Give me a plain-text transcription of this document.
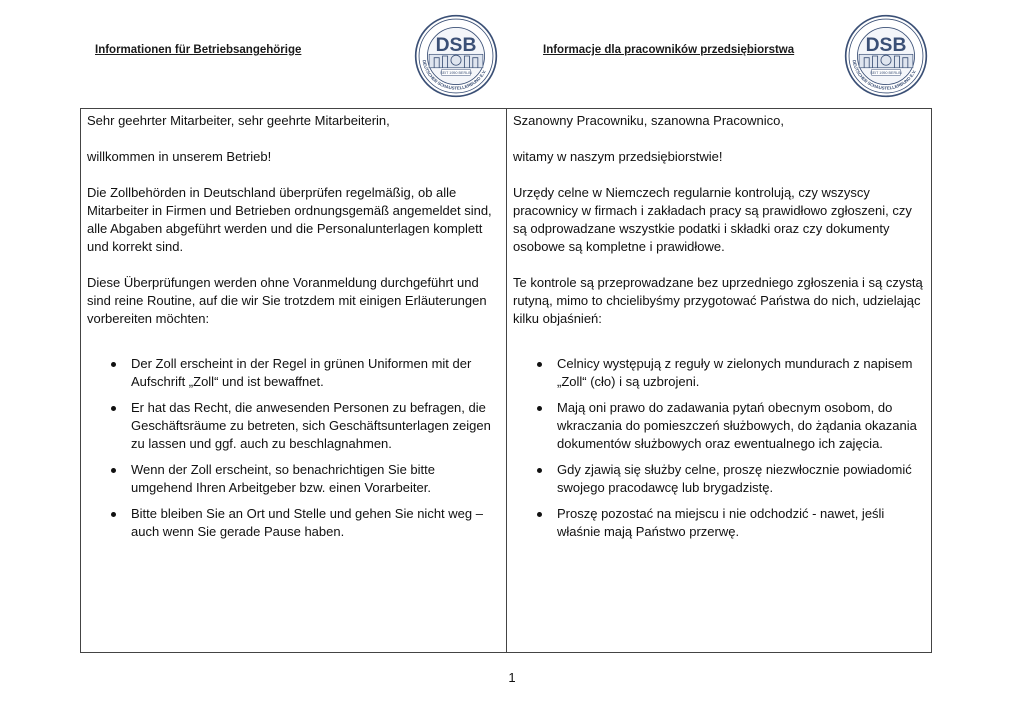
Informationen für Betriebsangehörige	Informacje dla pracowników przedsiębiorstwa
DEUTSCHER SCHAUSTELLERBUND E.V.
DSB
SEIT 1950 BERLIN
DEUTSCHER SCHAUSTELLERBUND E.V.
DSB
SEIT 1950 BERLIN

Sehr geehrter Mitarbeiter, sehr geehrte Mitarbeiterin,

willkommen in unserem Betrieb!

Die Zollbehörden in Deutschland überprüfen regelmäßig, ob alle Mitarbeiter in Firmen und Betrieben ordnungsgemäß angemeldet sind, alle Abgaben abgeführt werden und die Personalunterlagen komplett und korrekt sind.

Diese Überprüfungen werden ohne Voranmeldung durchgeführt und sind reine Routine, auf die wir Sie trotzdem mit einigen Erläuterungen vorbereiten möchten:

Der Zoll erscheint in der Regel in grünen Uniformen mit der Aufschrift „Zoll“ und ist bewaffnet.
Er hat das Recht, die anwesenden Personen zu befragen, die Geschäftsräume zu betreten, sich Geschäftsunterlagen zeigen zu lassen und ggf. auch zu beschlagnahmen.
Wenn der Zoll erscheint, so benachrichtigen Sie bitte umgehend Ihren Arbeitgeber bzw. einen Vorarbeiter.
Bitte bleiben Sie an Ort und Stelle und gehen Sie nicht weg – auch wenn Sie gerade Pause haben.

Szanowny Pracowniku, szanowna Pracownico,

witamy w naszym przedsiębiorstwie!

Urzędy celne w Niemczech regularnie kontrolują, czy wszyscy pracownicy w firmach i zakładach pracy są prawidłowo zgłoszeni, czy są odprowadzane wszystkie podatki i składki oraz czy dokumenty osobowe są kompletne i prawidłowe.

Te kontrole są przeprowadzane bez uprzedniego zgłoszenia i są czystą rutyną, mimo to chcielibyśmy przygotować Państwa do nich, udzielając kilku objaśnień:

Celnicy występują z reguły w zielonych mundurach z napisem „Zoll“ (cło) i są uzbrojeni.
Mają oni prawo do zadawania pytań obecnym osobom, do wkraczania do pomieszczeń służbowych, do żądania okazania dokumentów służbowych oraz ewentualnego ich zajęcia.
Gdy zjawią się służby celne, proszę niezwłocznie powiadomić swojego pracodawcę lub brygadzistę.
Proszę pozostać na miejscu i nie odchodzić - nawet, jeśli właśnie mają Państwo przerwę.
1
